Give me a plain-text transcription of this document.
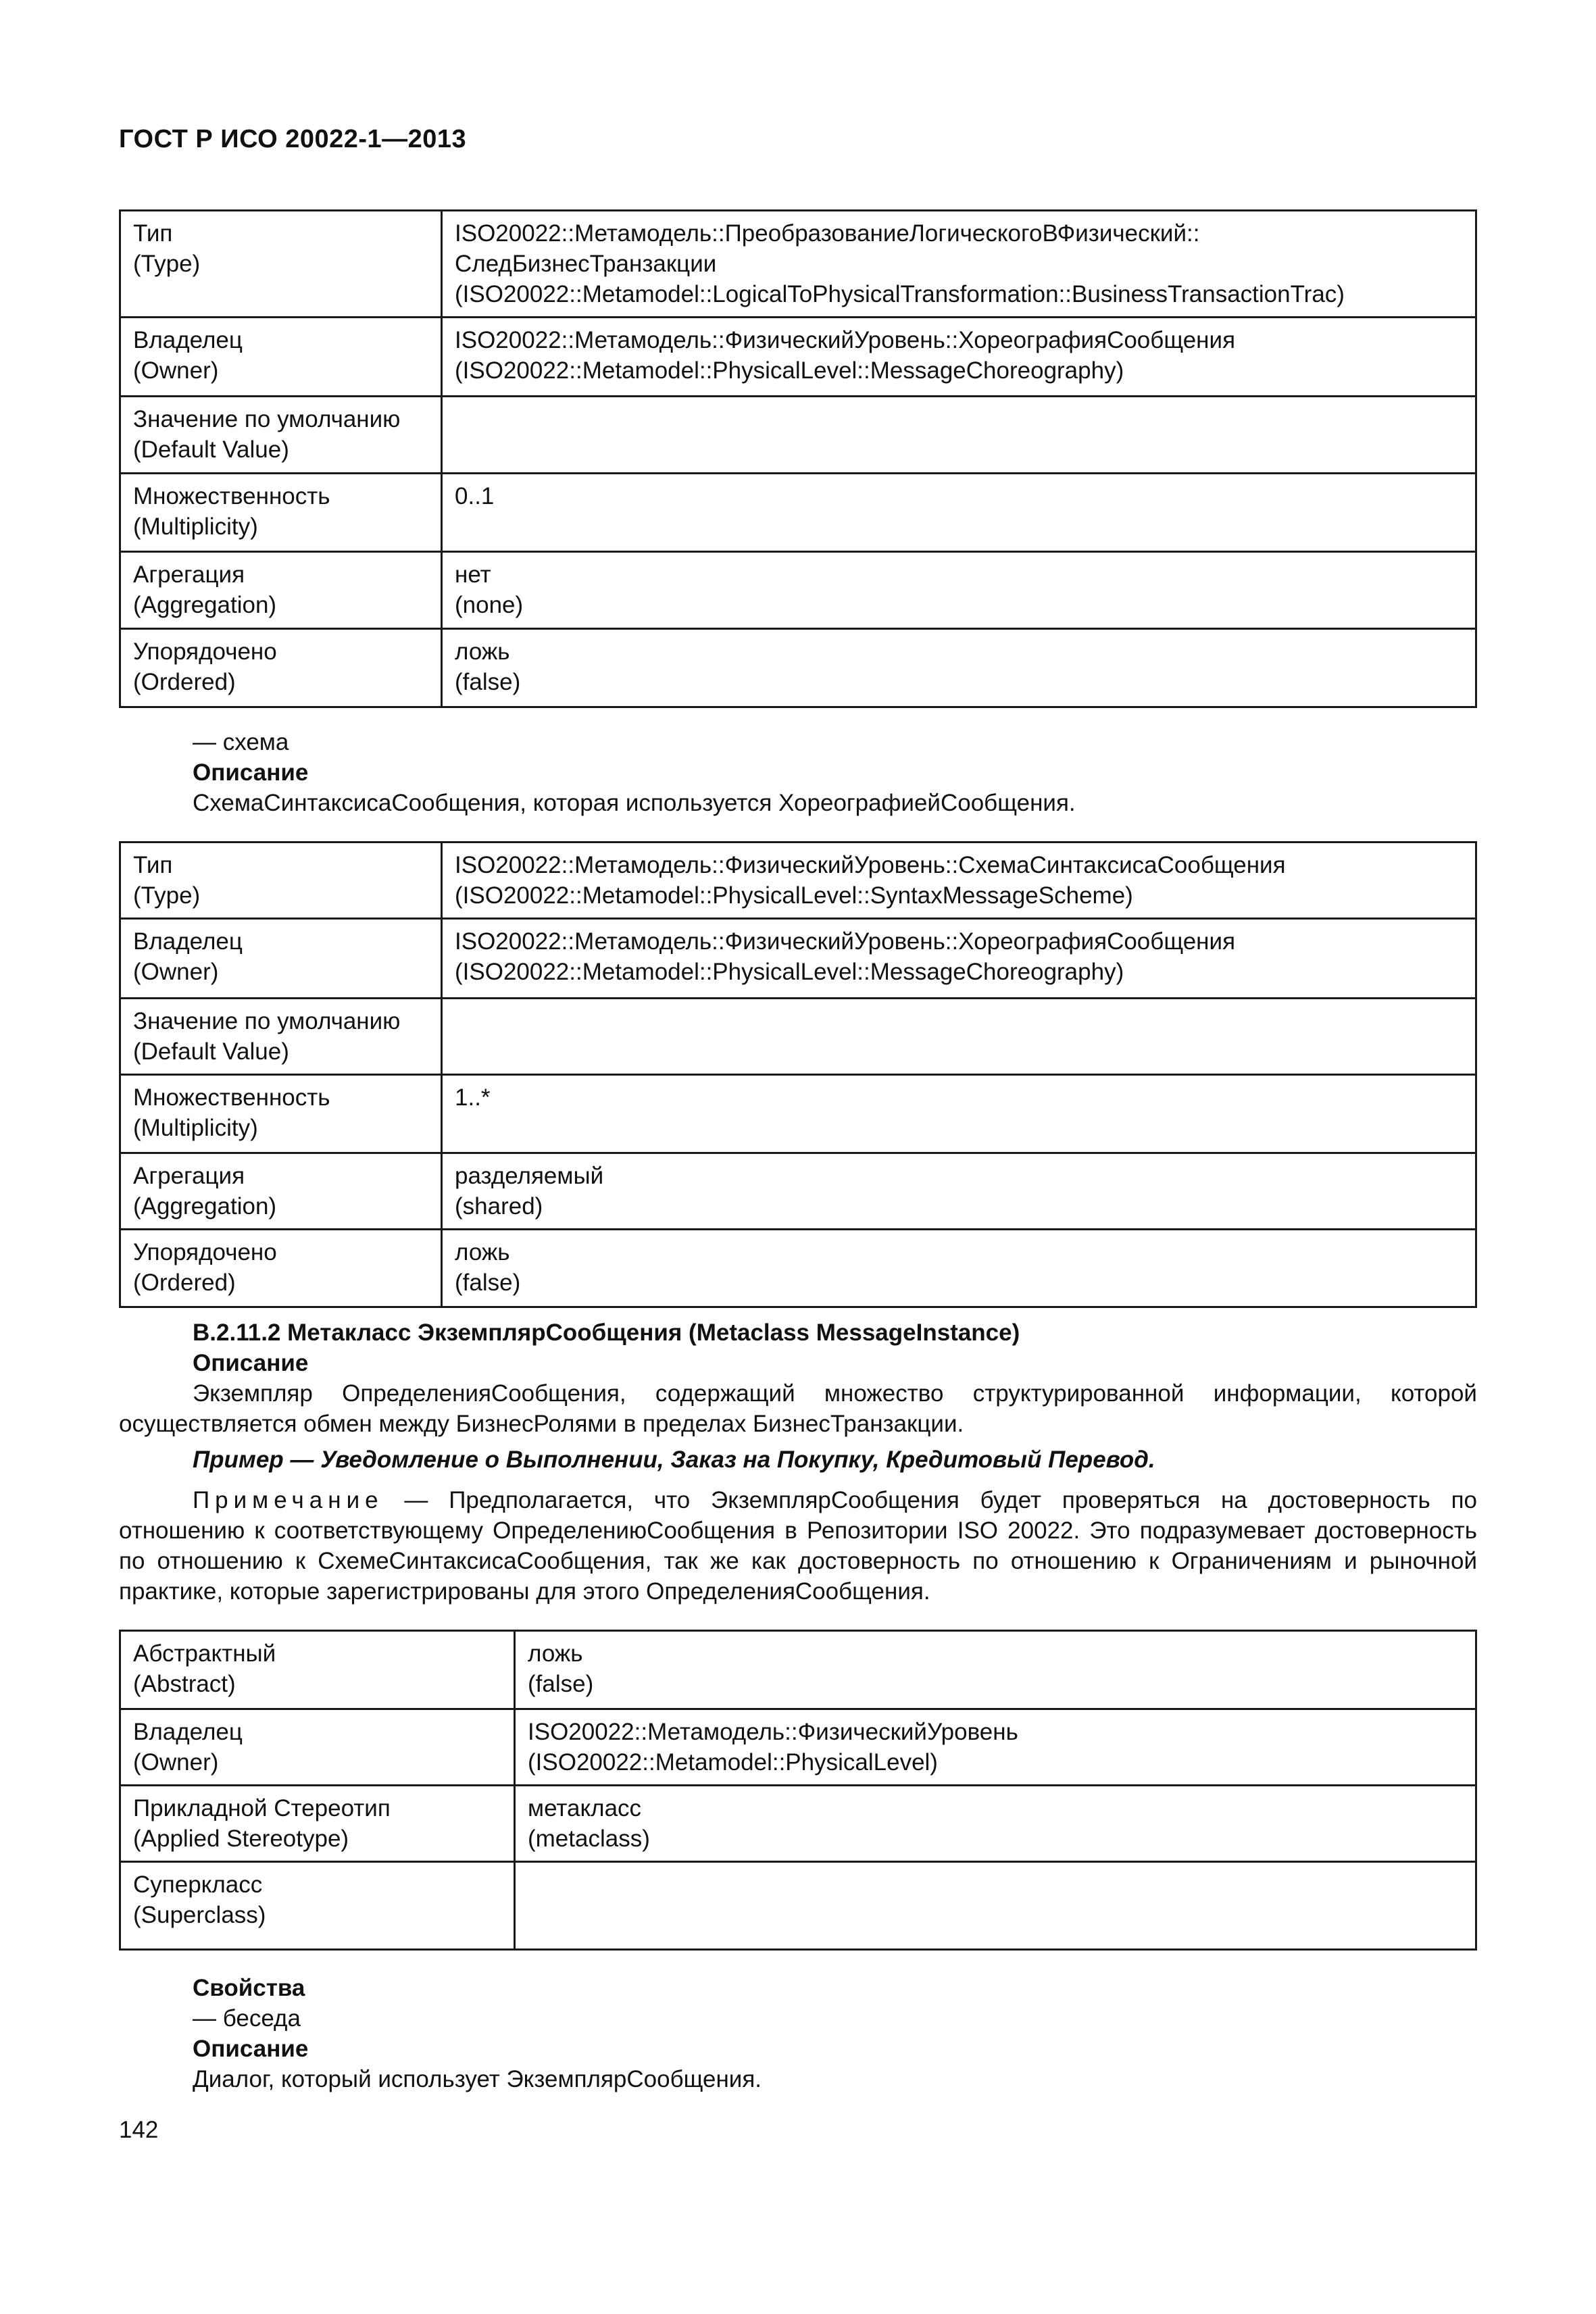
ГОСТ Р ИСО 20022-1—2013
Тип
(Type)	ISO20022::Метамодель::ПреобразованиеЛогическогоВФизический::
СледБизнесТранзакции
(ISO20022::Metamodel::LogicalToPhysicalTransformation::BusinessTransactionTrac)

Владелец
(Owner)	ISO20022::Метамодель::ФизическийУровень::ХореографияСообщения
(ISO20022::Metamodel::PhysicalLevel::MessageChoreography)

Значение по умолчанию
(Default Value)	

Множественность
(Multiplicity)	0..1

Агрегация
(Aggregation)	нет
(none)

Упорядочено
(Ordered)	ложь
(false)
— схема
Описание
СхемаСинтаксисаСообщения, которая используется ХореографиейСообщения.
Тип
(Type)	ISO20022::Метамодель::ФизическийУровень::СхемаСинтаксисаСообщения
(ISO20022::Metamodel::PhysicalLevel::SyntaxMessageScheme)

Владелец
(Owner)	ISO20022::Метамодель::ФизическийУровень::ХореографияСообщения
(ISO20022::Metamodel::PhysicalLevel::MessageChoreography)

Значение по умолчанию
(Default Value)	

Множественность
(Multiplicity)	1..*

Агрегация
(Aggregation)	разделяемый
(shared)

Упорядочено
(Ordered)	ложь
(false)
В.2.11.2 Метакласс ЭкземплярСообщения (Metaclass MessageInstance)
Описание
Экземпляр ОпределенияСообщения, содержащий множество структурированной информации, которой осуществляется обмен между БизнесРолями в пределах БизнесТранзакции.
Пример — Уведомление о Выполнении, Заказ на Покупку, Кредитовый Перевод.
Примечание — Предполагается, что ЭкземплярСообщения будет проверяться на достоверность по отношению к соответствующему ОпределениюСообщения в Репозитории ISO 20022. Это подразумевает достоверность по отношению к СхемеСинтаксисаСообщения, так же как достоверность по отношению к Ограничениям и рыночной практике, которые зарегистрированы для этого ОпределенияСообщения.
Абстрактный
(Abstract)	ложь
(false)

Владелец
(Owner)	ISO20022::Метамодель::ФизическийУровень
(ISO20022::Metamodel::PhysicalLevel)

Прикладной Стереотип
(Applied Stereotype)	метакласс
(metaclass)

Суперкласс
(Superclass)	

Свойства
— беседа
Описание
Диалог, который использует ЭкземплярСообщения.
142
